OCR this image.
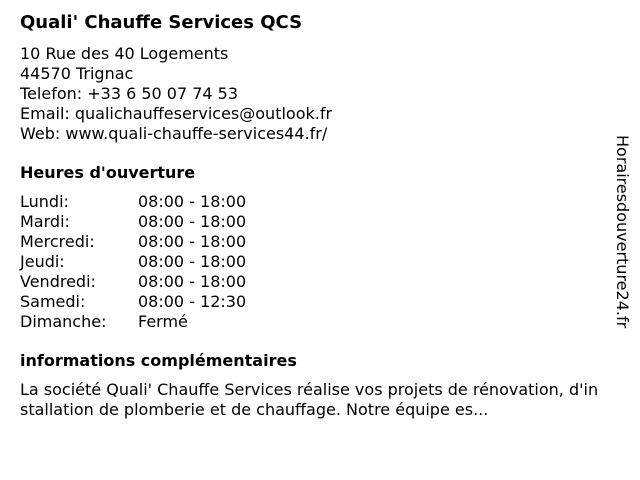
Quali' Chauffe Services QCS
10 Rue des 40 Logements
44570 Trignac
Telefon: +33 6 50 07 74 53
Email: qualichauffeservices@outlook.fr
Web: www.quali-chauffe-services44.fr/
Heures d'ouverture
Lundi:	08:00 - 18:00
Mardi:	08:00 - 18:00
Mercredi:	08:00 - 18:00
Jeudi:	08:00 - 18:00
Vendredi:	08:00 - 18:00
Samedi:	08:00 - 12:30
Dimanche:	Fermé
informations complémentaires
La société Quali' Chauffe Services réalise vos projets de rénovation, d'installation de plomberie et de chauffage. Notre équipe es...
Horairesdouverture24.fr
